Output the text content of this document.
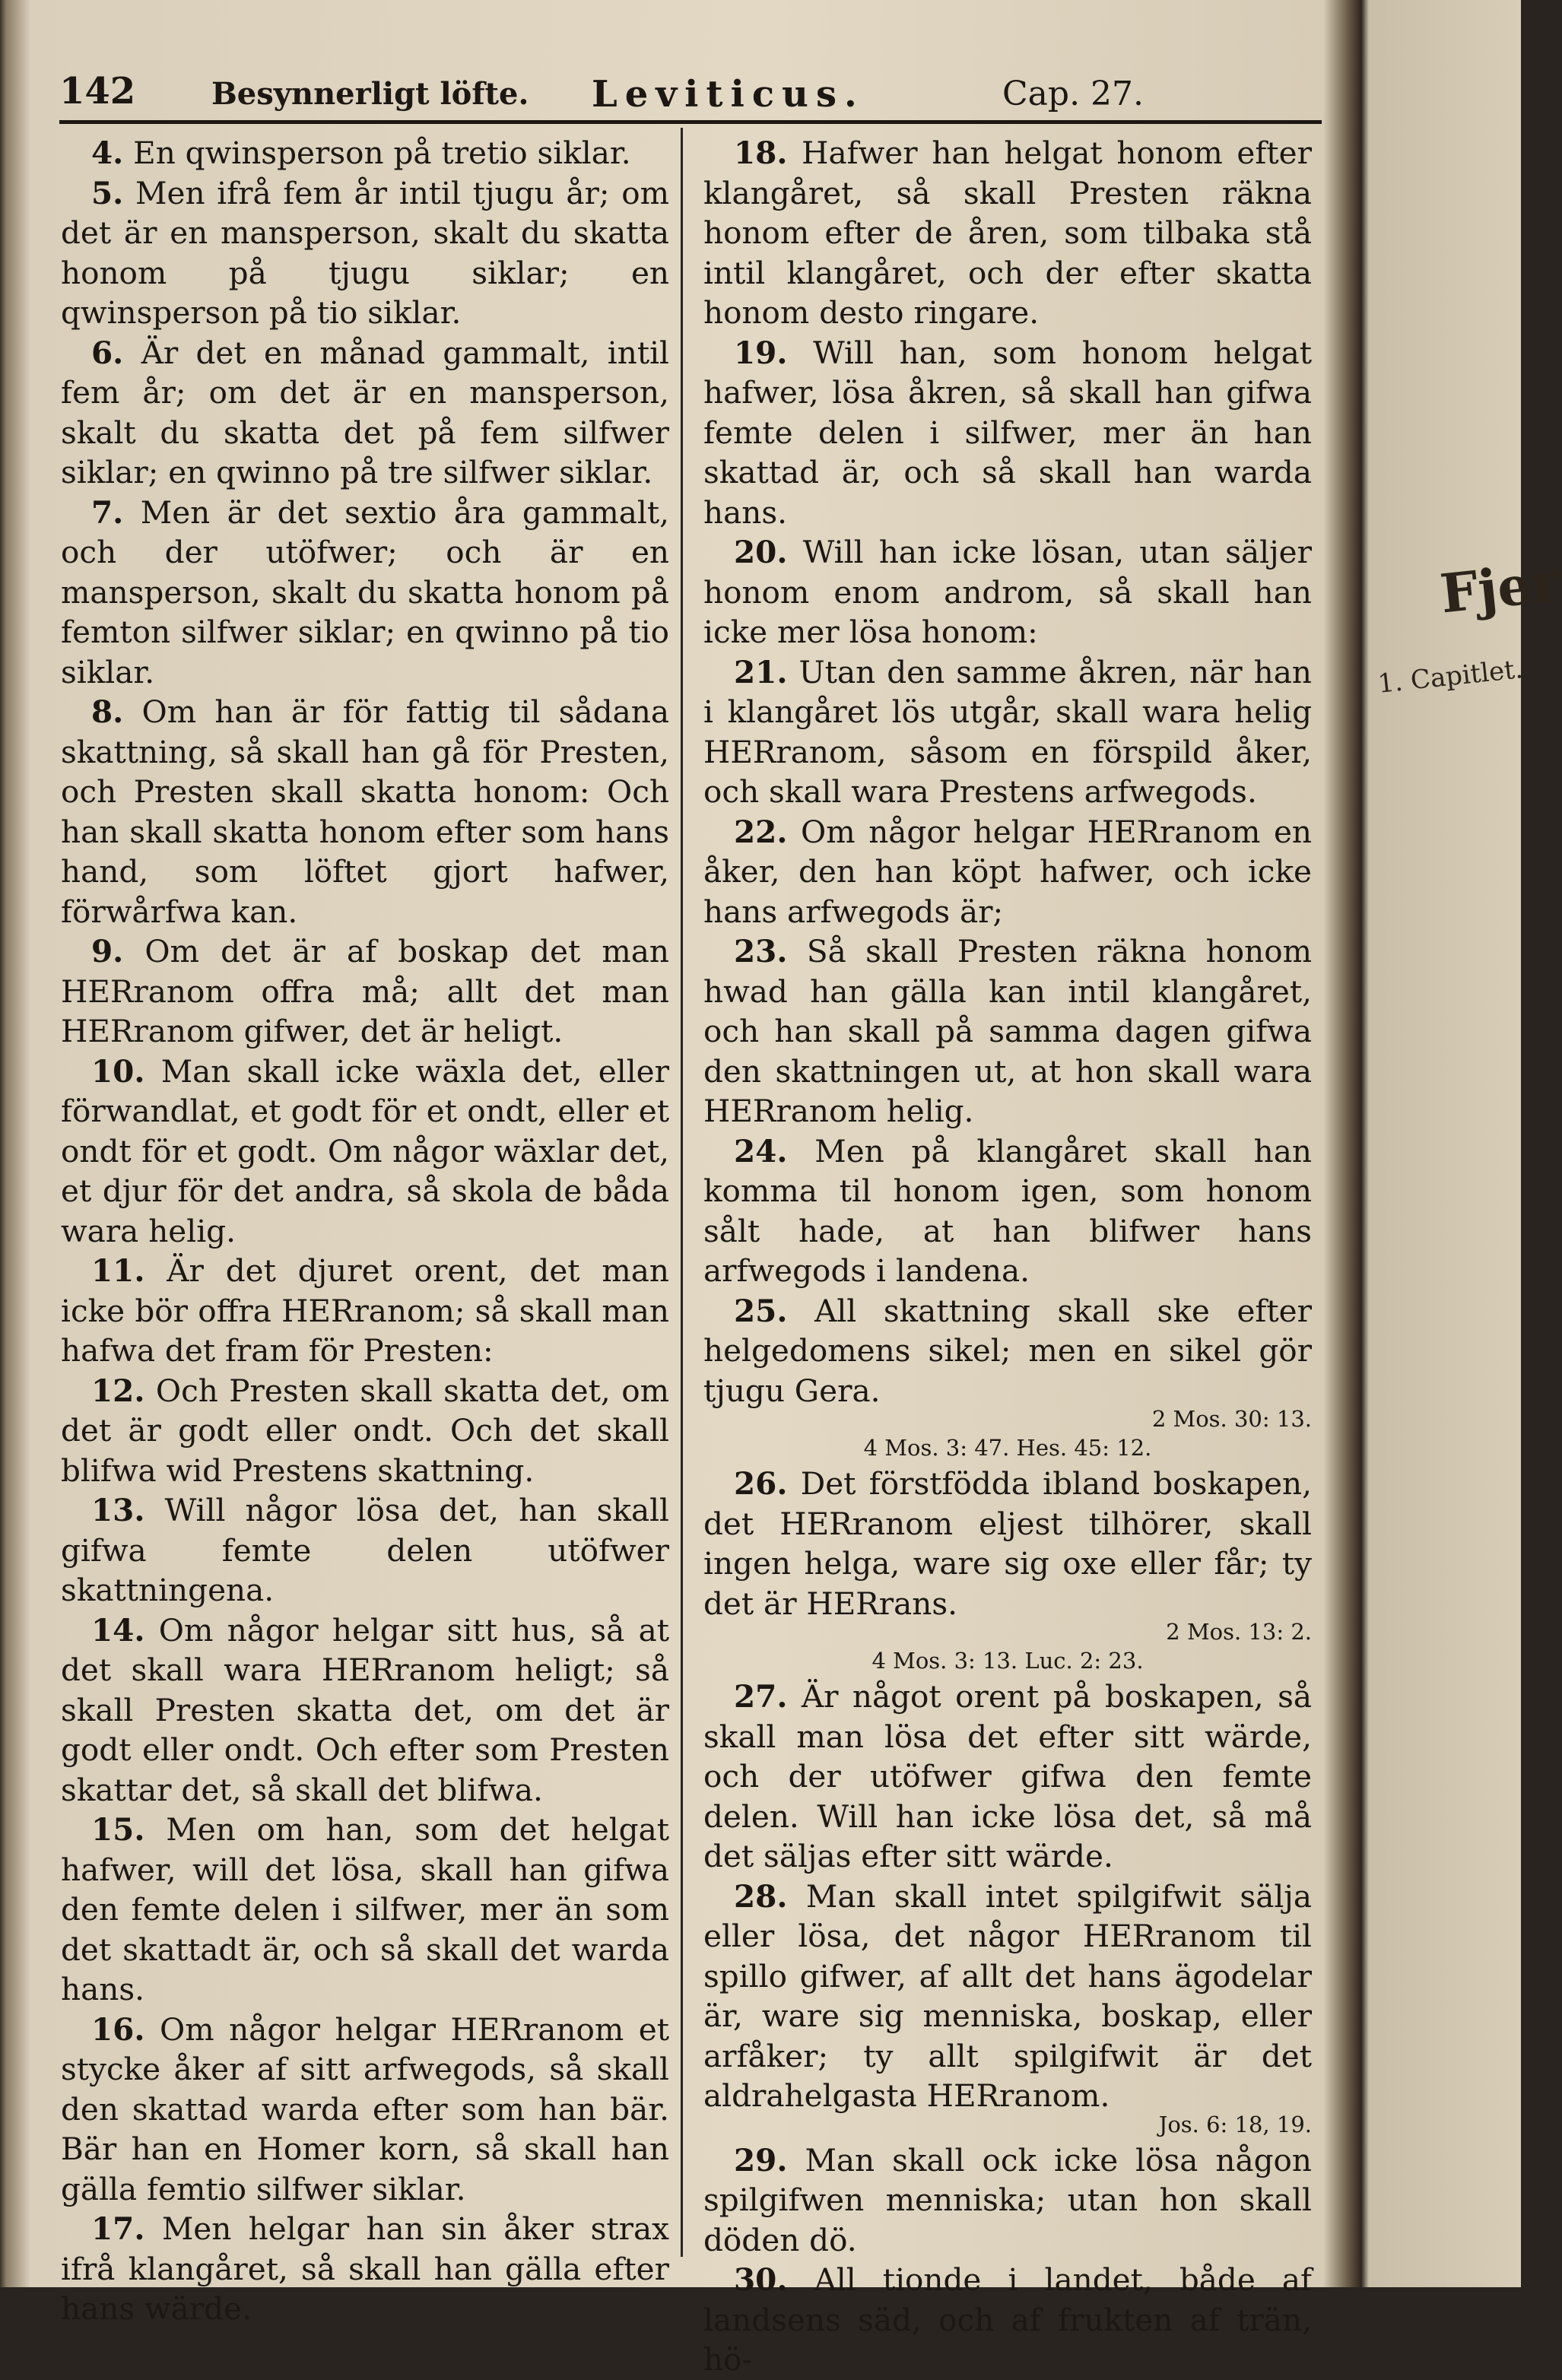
142 Besynnerligt löfte. Leviticus.	Cap. 27.

4. En qwinsperson på tretio siklar.

5. Men ifrå fem år intil tjugu år; om det är en mansperson, skalt du skatta honom på tjugu siklar; en qwinsperson på tio siklar.

6. Är det en månad gammalt, intil fem år; om det är en mansperson, skalt du skatta det på fem silfwer siklar; en qwinno på tre silfwer siklar.

7. Men är det sextio åra gammalt, och der utöfwer; och är en mansperson, skalt du skatta honom på femton silfwer siklar; en qwinno på tio siklar.

8. Om han är för fattig til sådana skattning, så skall han gå för Presten, och Presten skall skatta honom: Och han skall skatta honom efter som hans hand, som löftet gjort hafwer, förwårfwa kan.

9. Om det är af boskap det man HERranom offra må; allt det man HERranom gifwer, det är heligt.

10. Man skall icke wäxla det, eller förwandlat, et godt för et ondt, eller et ondt för et godt. Om någor wäxlar det, et djur för det andra, så skola de båda wara helig.

11. Är det djuret orent, det man icke bör offra HERranom; så skall man hafwa det fram för Presten:

12. Och Presten skall skatta det, om det är godt eller ondt. Och det skall blifwa wid Prestens skattning.

13. Will någor lösa det, han skall gifwa femte delen utöfwer skattningena.

14. Om någor helgar sitt hus, så at det skall wara HERranom heligt; så skall Presten skatta det, om det är godt eller ondt. Och efter som Presten skattar det, så skall det blifwa.

15. Men om han, som det helgat hafwer, will det lösa, skall han gifwa den femte delen i silfwer, mer än som det skattadt är, och så skall det warda hans.

16. Om någor helgar HERranom et stycke åker af sitt arfwegods, så skall den skattad warda efter som han bär. Bär han en Homer korn, så skall han gälla femtio silfwer siklar.

17. Men helgar han sin åker strax ifrå klangåret, så skall han gälla efter hans wärde.

18. Hafwer han helgat honom efter klangåret, så skall Presten räkna honom efter de åren, som tilbaka stå intil klangåret, och der efter skatta honom desto ringare.

19. Will han, som honom helgat hafwer, lösa åkren, så skall han gifwa femte delen i silfwer, mer än han skattad är, och så skall han warda hans.

20. Will han icke lösan, utan säljer honom enom androm, så skall han icke mer lösa honom:

21. Utan den samme åkren, när han i klangåret lös utgår, skall wara helig HERranom, såsom en förspild åker, och skall wara Prestens arfwegods.

22. Om någor helgar HERranom en åker, den han köpt hafwer, och icke hans arfwegods är;

23. Så skall Presten räkna honom hwad han gälla kan intil klangåret, och han skall på samma dagen gifwa den skattningen ut, at hon skall wara HERranom helig.

24. Men på klangåret skall han komma til honom igen, som honom sålt hade, at han blifwer hans arfwegods i landena.

25. All skattning skall ske efter helgedomens sikel; men en sikel gör tjugu Gera.

2 Mos. 30: 13.
4 Mos. 3: 47. Hes. 45: 12.

26. Det förstfödda ibland boskapen, det HERranom eljest tilhörer, skall ingen helga, ware sig oxe eller får; ty det är HERrans.

2 Mos. 13: 2.
4 Mos. 3: 13. Luc. 2: 23.

27. Är något orent på boskapen, så skall man lösa det efter sitt wärde, och der utöfwer gifwa den femte delen. Will han icke lösa det, så må det säljas efter sitt wärde.

28. Man skall intet spilgifwit sälja eller lösa, det någor HERranom til spillo gifwer, af allt det hans ägodelar är, ware sig menniska, boskap, eller arfåker; ty allt spilgifwit är det aldrahelgasta HERranom.

Jos. 6: 18, 19.

29. Man skall ock icke lösa någon spilgifwen menniska; utan hon skall döden dö.

30. All tionde i landet, både af landsens säd, och af frukten af trän, hö-

Fjer
1. Capitlet.
